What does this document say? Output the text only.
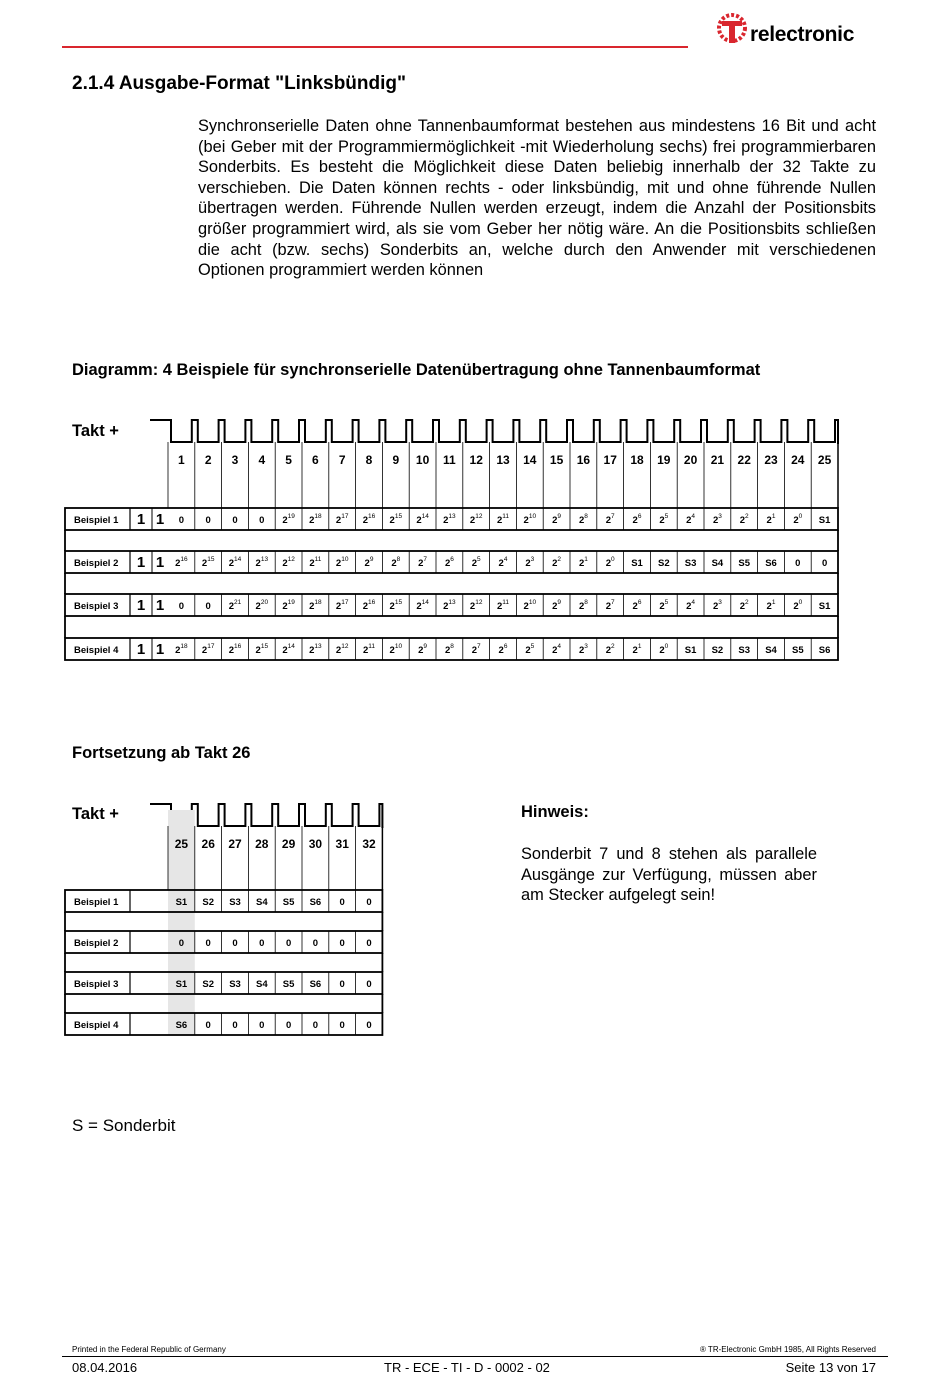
relectronic
2.1.4 Ausgabe-Format "Linksbündig"
Synchronserielle Daten ohne Tannenbaumformat bestehen aus mindestens 16 Bit und acht (bei Geber mit der Programmiermöglichkeit -mit Wiederholung sechs) frei programmierbaren Sonderbits. Es besteht die Möglichkeit diese Daten beliebig innerhalb der 32 Takte zu verschieben. Die Daten können rechts - oder linksbündig, mit und ohne führende Nullen übertragen werden. Führende Nullen werden erzeugt, indem die Anzahl der Positionsbits größer programmiert wird, als sie vom Geber her nötig wäre. An die Positionsbits schließen die acht (bzw. sechs) Sonderbits an, welche durch den Anwender mit verschiedenen Optionen programmiert werden können
Diagramm: 4 Beispiele für synchronserielle Datenübertragung ohne Tannenbaumformat
Takt +
1 2 3 4 5 6 7 8 9 10 11 12 13 14 15 16 17 18 19 20 21 22 23 24 25
Beispiel 1 1 1 0 0 0 0 $2^{19}$ $2^{18}$ $2^{17}$ $2^{16}$ $2^{15}$ $2^{14}$ $2^{13}$ $2^{12}$ $2^{11}$ $2^{10}$ $2^9$ $2^8$ $2^7$ $2^6$ $2^5$ $2^4$ $2^3$ $2^2$ $2^1$ $2^0$ S1
Beispiel 2 1 1 $2^{16}$ $2^{15}$ $2^{14}$ $2^{13}$ $2^{12}$ $2^{11}$ $2^{10}$ $2^9$ $2^8$ $2^7$ $2^6$ $2^5$ $2^4$ $2^3$ $2^2$ $2^1$ $2^0$ S1 S2 S3 S4 S5 S6 0 0
Beispiel 3 1 1 0 0 $2^{21}$ $2^{20}$ $2^{19}$ $2^{18}$ $2^{17}$ $2^{16}$ $2^{15}$ $2^{14}$ $2^{13}$ $2^{12}$ $2^{11}$ $2^{10}$ $2^9$ $2^8$ $2^7$ $2^6$ $2^5$ $2^4$ $2^3$ $2^2$ $2^1$ $2^0$ S1
Beispiel 4 1 1 $2^{18}$ $2^{17}$ $2^{16}$ $2^{15}$ $2^{14}$ $2^{13}$ $2^{12}$ $2^{11}$ $2^{10}$ $2^9$ $2^8$ $2^7$ $2^6$ $2^5$ $2^4$ $2^3$ $2^2$ $2^1$ $2^0$ S1 S2 S3 S4 S5 S6
Fortsetzung ab Takt 26
Takt +
25 26 27 28 29 30 31 32
Beispiel 1	S1 S2 S3 S4 S5 S6 0 0
Beispiel 2	0 0 0 0 0 0 0 0
Beispiel 3	S1 S2 S3 S4 S5 S6 0 0
Beispiel 4	S6 0 0 0 0 0 0 0
Hinweis:
Sonderbit 7 und 8 stehen als parallele Ausgänge zur Verfügung, müssen aber am Stecker aufgelegt sein!
S = Sonderbit
Printed in the Federal Republic of Germany	® TR-Electronic GmbH 1985, All Rights Reserved
08.04.2016	TR - ECE - TI - D - 0002 - 02	Seite 13 von 17
